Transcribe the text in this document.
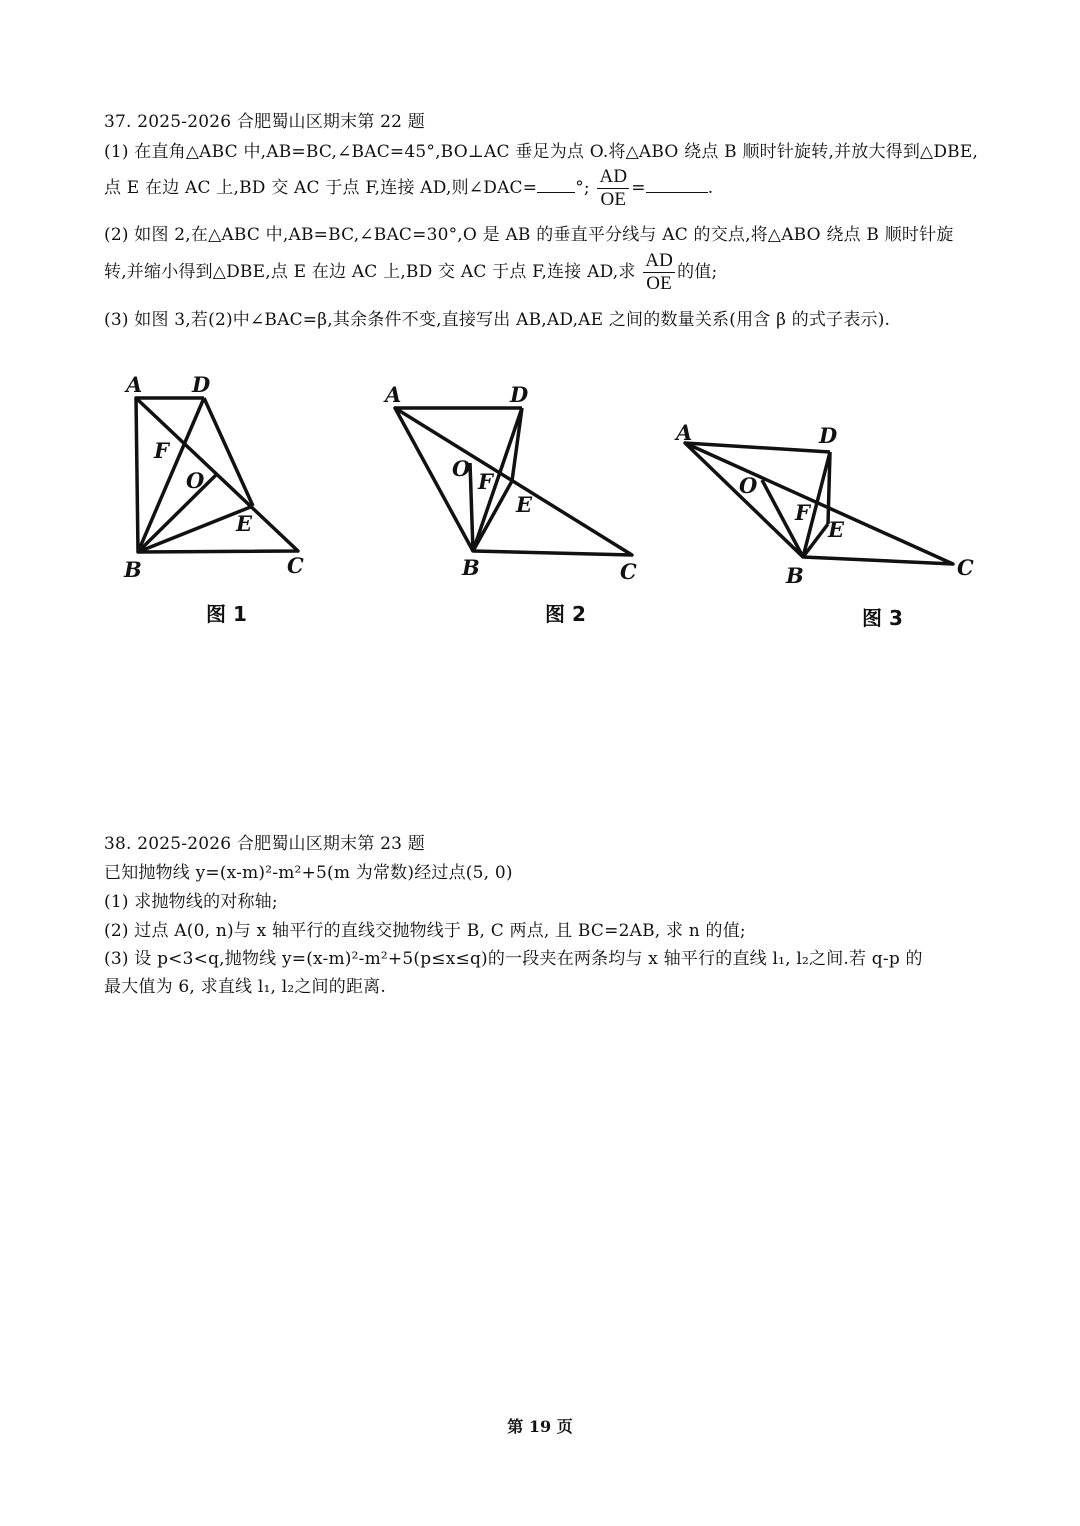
37. 2025-2026 合肥蜀山区期末第 22 题
(1) 在直角△ABC 中,AB=BC,∠BAC=45°,BO⊥AC 垂足为点 O.将△ABO 绕点 B 顺时针旋转,并放大得到△DBE,
点 E 在边 AC 上,BD 交 AC 于点 F,连接 AD,则∠DAC= °; $\frac{AD}{OE}$ =	.
(2) 如图 2,在△ABC 中,AB=BC,∠BAC=30°,O 是 AB 的垂直平分线与 AC 的交点,将△ABO 绕点 B 顺时针旋
转,并缩小得到△DBE,点 E 在边 AC 上,BD 交 AC 于点 F,连接 AD,求 $\frac{AD}{OE}$ 的值;
(3) 如图 3,若(2)中∠BAC=β,其余条件不变,直接写出 AB,AD,AE 之间的数量关系(用含 β 的式子表示).
A D
F
O
E
B	C
图 1
A	D
O
F
E
B	C
图 2
A	D
O
F
E
B	C
图 3
38. 2025-2026 合肥蜀山区期末第 23 题
已知抛物线 y=(x-m)²-m²+5(m 为常数)经过点(5, 0)
(1) 求抛物线的对称轴;
(2) 过点 A(0, n)与 x 轴平行的直线交抛物线于 B, C 两点, 且 BC=2AB, 求 n 的值;
(3) 设 p<3<q,抛物线 y=(x-m)²-m²+5(p≤x≤q)的一段夹在两条均与 x 轴平行的直线 l₁, l₂之间.若 q-p 的
最大值为 6, 求直线 l₁, l₂之间的距离.
第 19 页
